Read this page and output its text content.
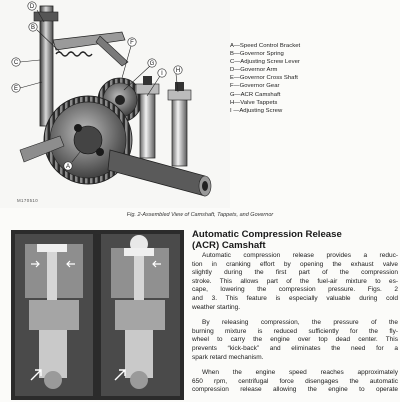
D
B
C
E
F
G
H
I
A
M170510
A—Speed Control Bracket
B—Governor Spring
C—Adjusting Screw Lever
D—Governor Arm
E—Governor Cross Shaft
F—Governor Gear
G—ACR Camshaft
H—Valve Tappets
I —Adjusting Screw
Fig. 2-Assembled View of Camshaft, Tappets, and Governor
Automatic Compression Release
(ACR) Camshaft
Automatic compression release provides a reduc-
tion in cranking effort by opening the exhaust valve
slightly during the first part of the compression
stroke. This allows part of the fuel-air mixture to es-
cape, lowering the compression pressure. Figs. 2
and 3. This feature is especially valuable during cold
weather starting.
By releasing compression, the pressure of the
burning mixture is reduced sufficiently for the fly-
wheel to carry the engine over top dead center. This
prevents “kick-back” and eliminates the need for a
spark retard mechanism.
When the engine speed reaches approximately
650 rpm, centrifugal force disengages the automatic
compression release allowing the engine to operate
